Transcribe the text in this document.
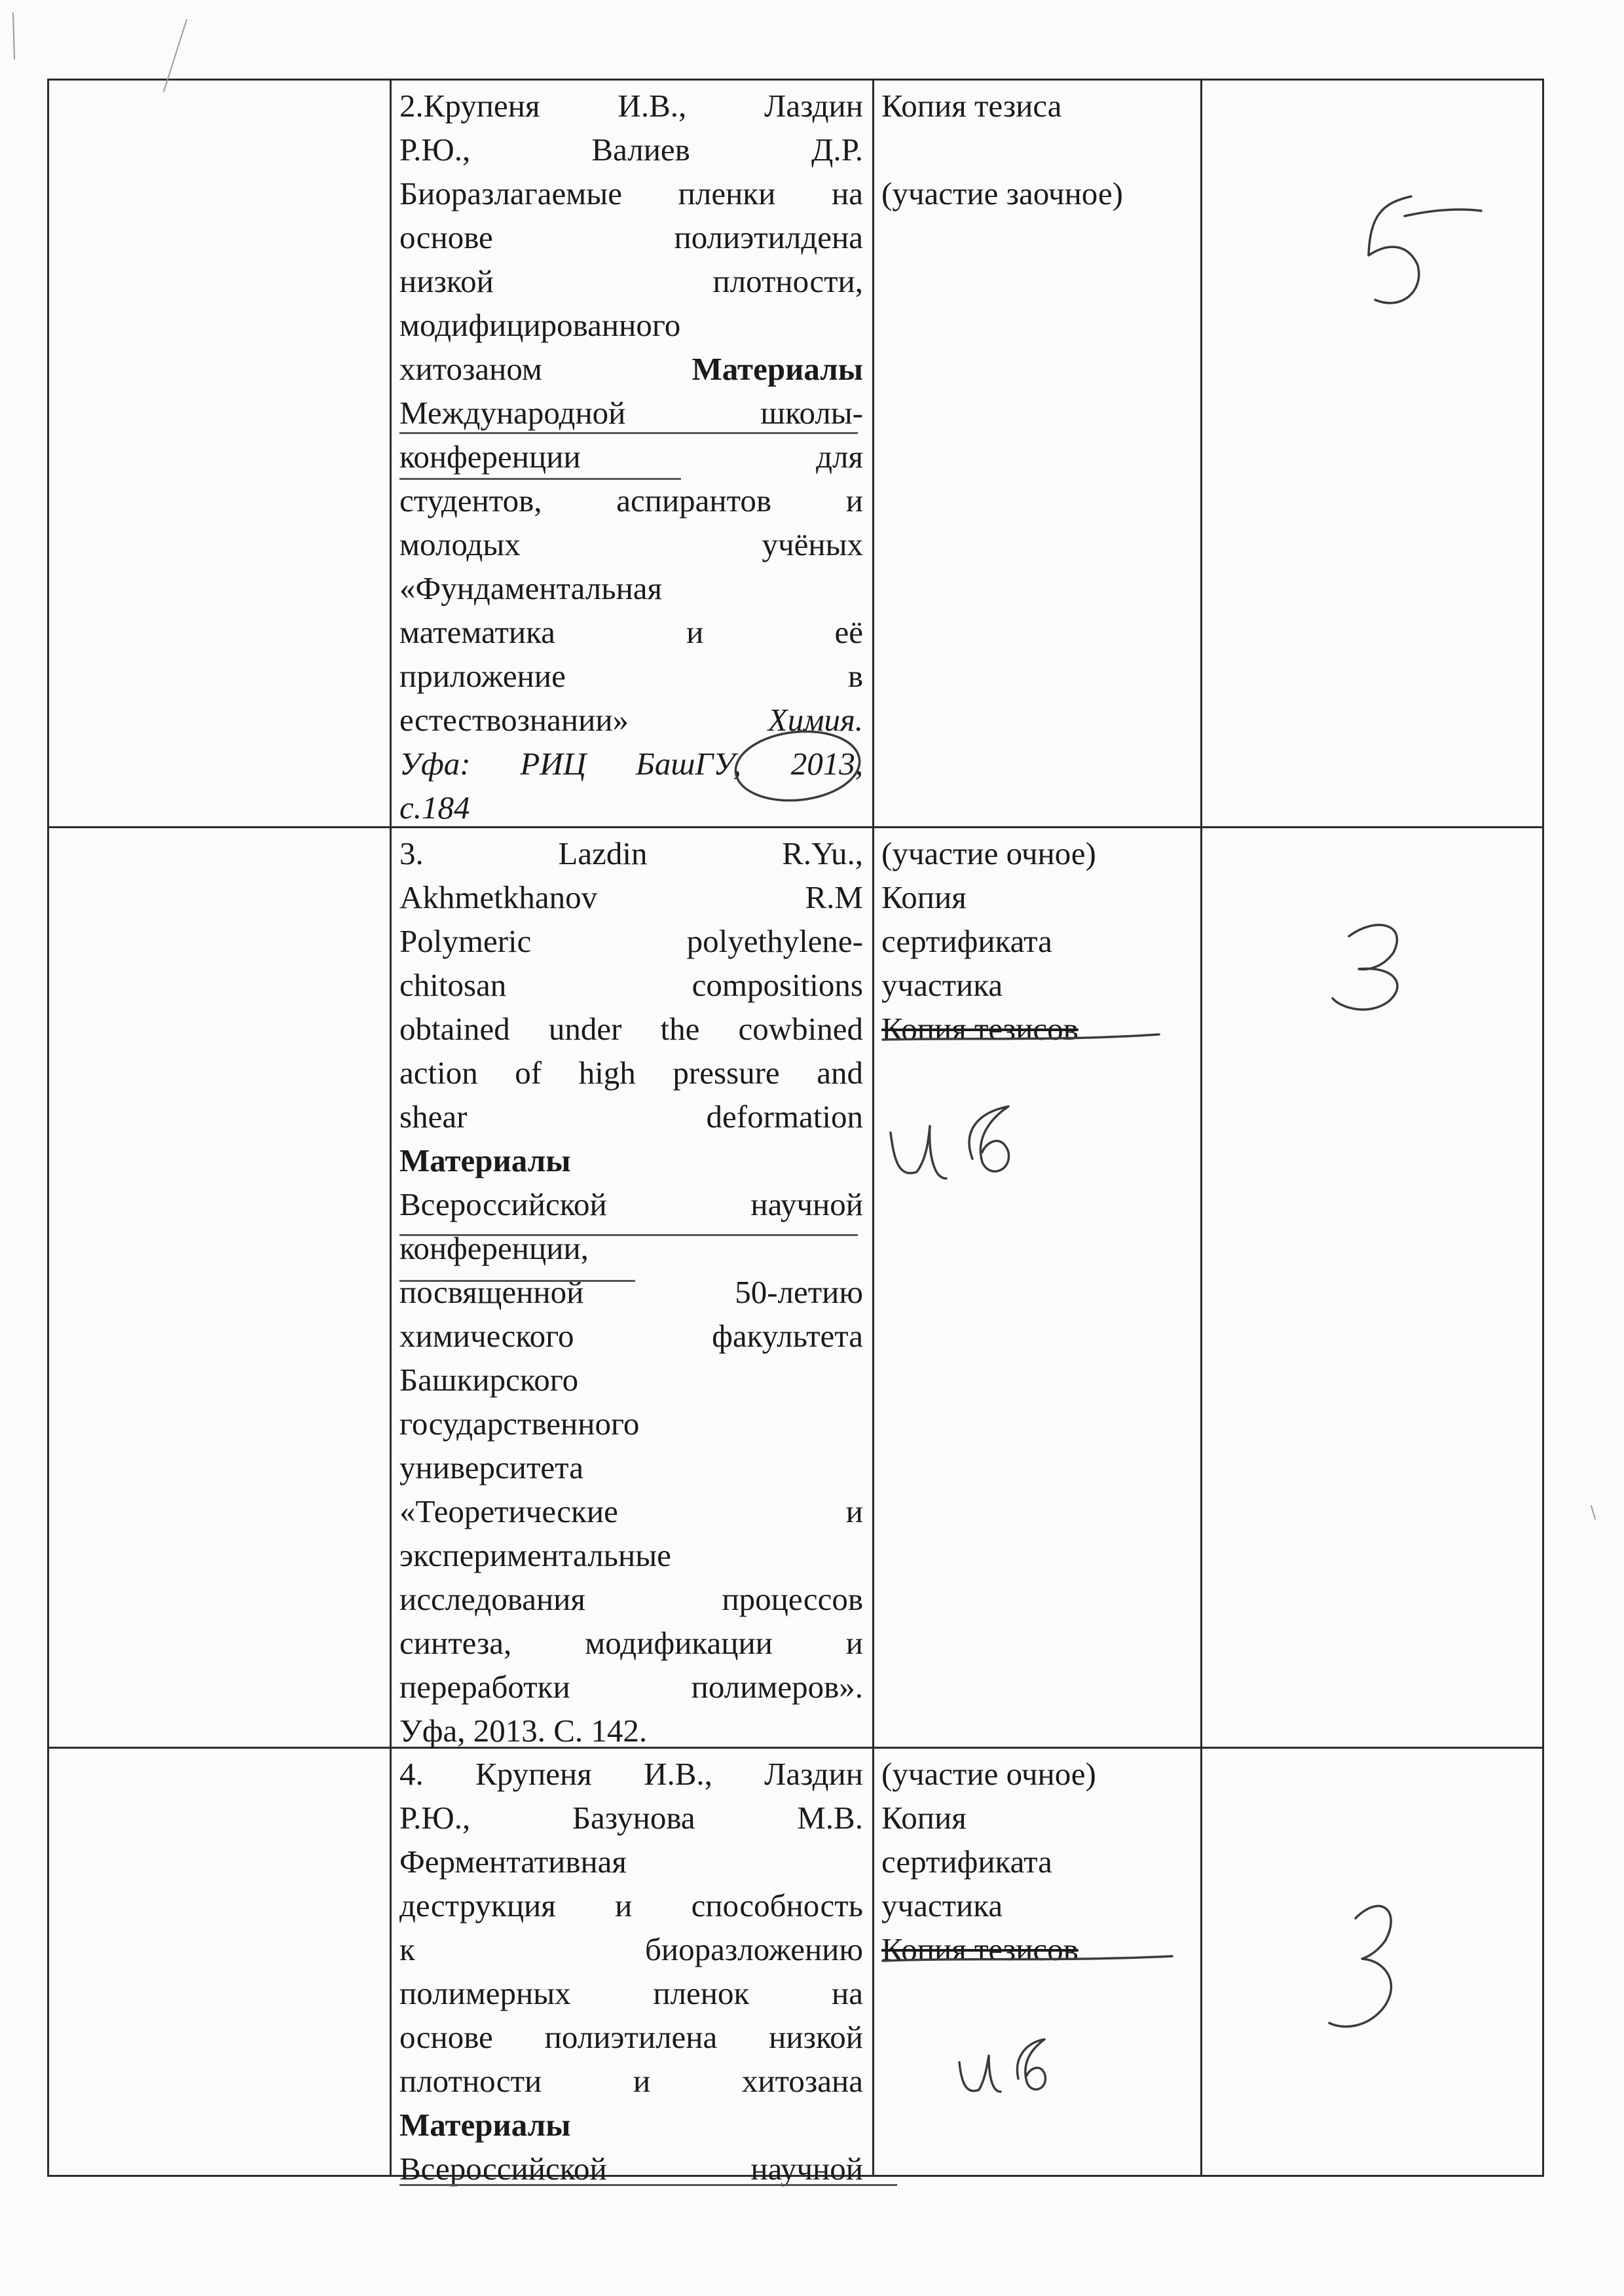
2.Крупеня И.В., Лаздин
Р.Ю., Валиев Д.Р.
Биоразлагаемые пленки на
основе полиэтилдена
низкой плотности,
модифицированного
хитозаном	Материалы
Международной школы-
конференции для
студентов, аспирантов и
молодых учёных
«Фундаментальная
математика и её
приложение в
естествознании»	Химия.
Уфа: РИЦ БашГУ, 2013,
с.184
Копия тезиса
(участие заочное)
3. Lazdin R.Yu.,
Akhmetkhanov R.M
Polymeric polyethylene-
chitosan compositions
obtained under the cowbined
action of high pressure and
shear deformation
Материалы
Всероссийской научной
конференции,
посвященной 50-летию
химического факультета
Башкирского
государственного
университета
«Теоретические и
экспериментальные
исследования процессов
синтеза, модификации и
переработки полимеров».
Уфа, 2013. С. 142.
(участие очное)
Копия
сертификата
участика
Копия тезисов
4. Крупеня И.В., Лаздин
Р.Ю., Базунова М.В.
Ферментативная
деструкция и способность
к биоразложению
полимерных пленок на
основе полиэтилена низкой
плотности и хитозана
Материалы
Всероссийской научной
(участие очное)
Копия
сертификата
участика
Копия тезисов
